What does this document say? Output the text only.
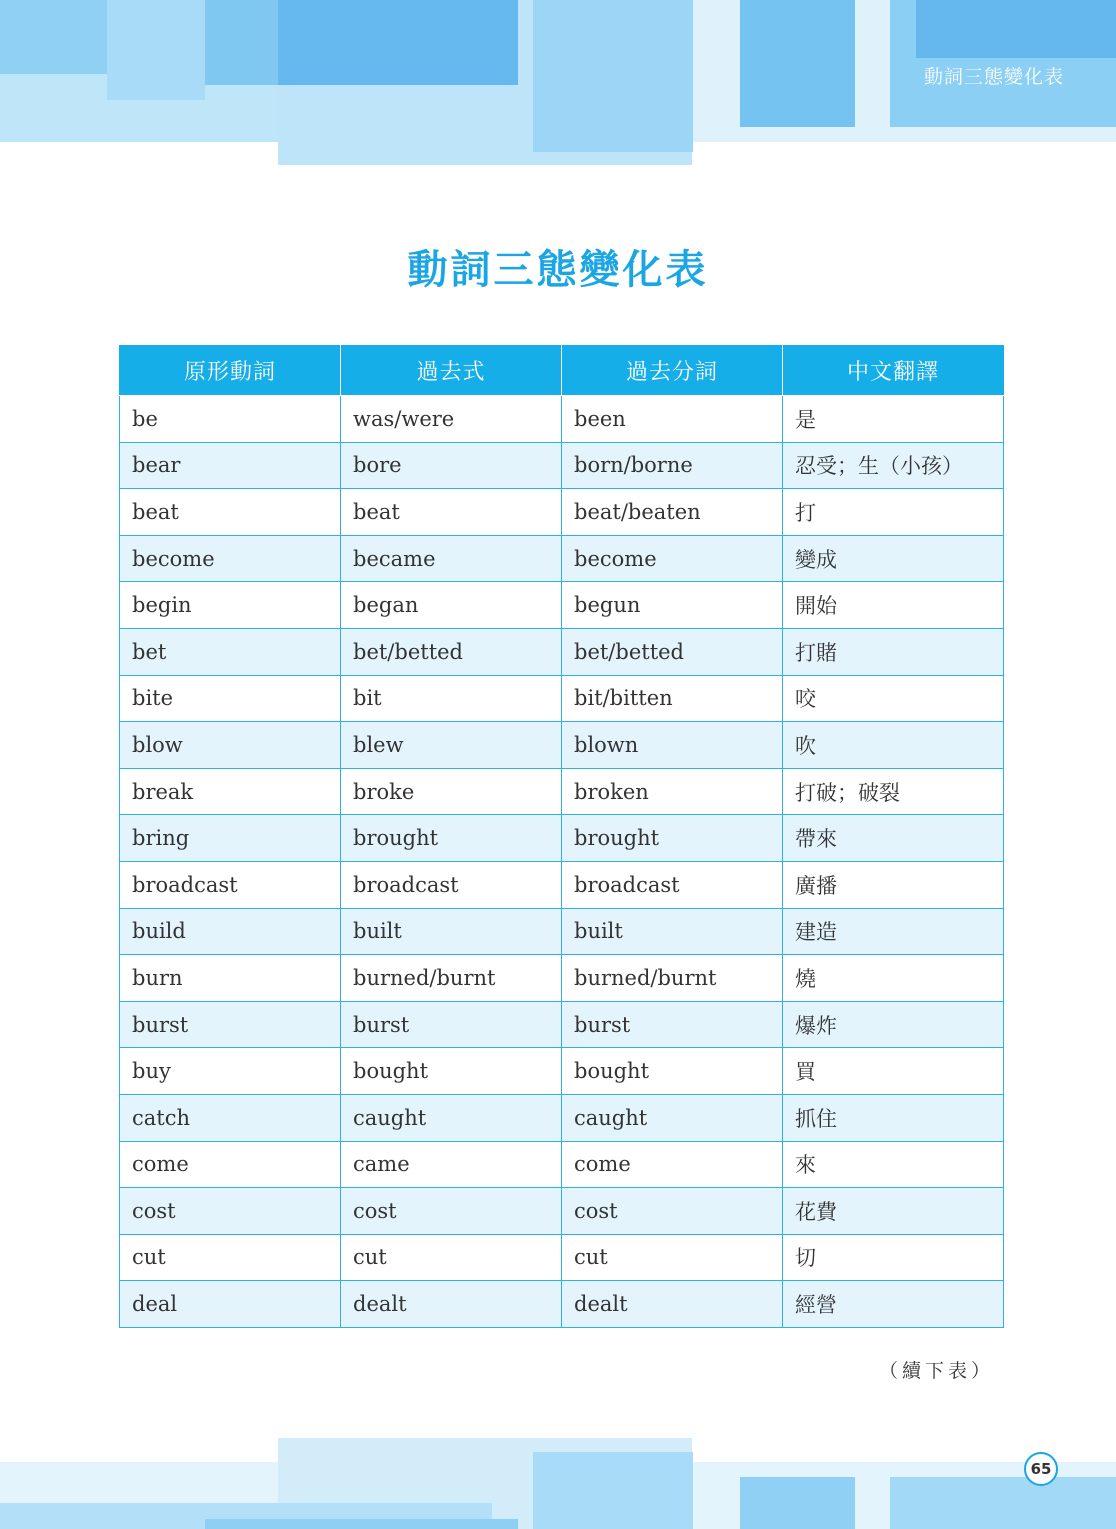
動詞三態變化表
動詞三態變化表
原形動詞	過去式	過去分詞	中文翻譯
be	was/were	been	是
bear	bore	born/borne	忍受；生（小孩）
beat	beat	beat/beaten	打
become	became	become	變成
begin	began	begun	開始
bet	bet/betted	bet/betted	打賭
bite	bit	bit/bitten	咬
blow	blew	blown	吹
break	broke	broken	打破；破裂
bring	brought	brought	帶來
broadcast	broadcast	broadcast	廣播
build	built	built	建造
burn	burned/burnt	burned/burnt	燒
burst	burst	burst	爆炸
buy	bought	bought	買
catch	caught	caught	抓住
come	came	come	來
cost	cost	cost	花費
cut	cut	cut	切
deal	dealt	dealt	經營
（續下表）
65
